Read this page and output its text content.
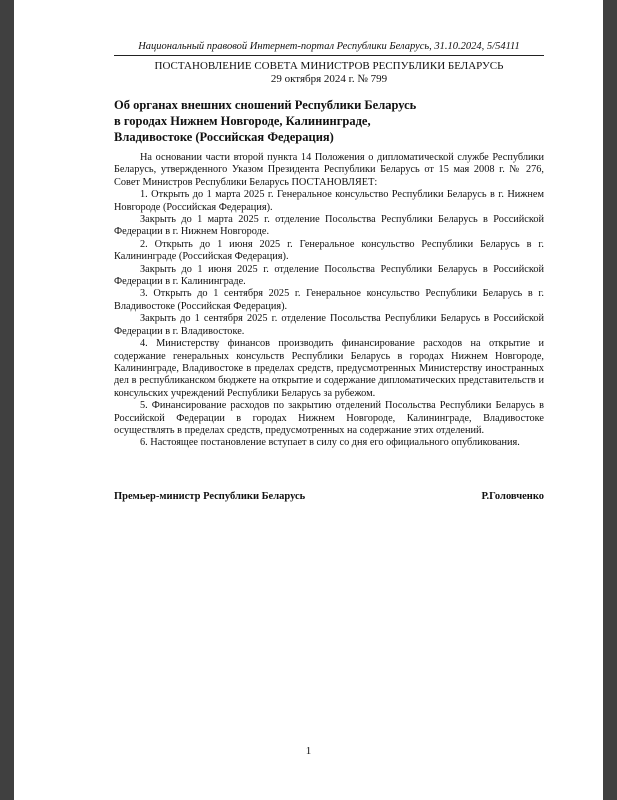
Национальный правовой Интернет-портал Республики Беларусь, 31.10.2024, 5/54111
ПОСТАНОВЛЕНИЕ СОВЕТА МИНИСТРОВ РЕСПУБЛИКИ БЕЛАРУСЬ
29 октября 2024 г. № 799
Об органах внешних сношений Республики Беларусь
в городах Нижнем Новгороде, Калининграде,
Владивостоке (Российская Федерация)

На основании части второй пункта 14 Положения о дипломатической службе Республики Беларусь, утвержденного Указом Президента Республики Беларусь от 15 мая 2008 г. № 276, Совет Министров Республики Беларусь ПОСТАНОВЛЯЕТ:

1. Открыть до 1 марта 2025 г. Генеральное консульство Республики Беларусь в г. Нижнем Новгороде (Российская Федерация).

Закрыть до 1 марта 2025 г. отделение Посольства Республики Беларусь в Российской Федерации в г. Нижнем Новгороде.

2. Открыть до 1 июня 2025 г. Генеральное консульство Республики Беларусь в г. Калининграде (Российская Федерация).

Закрыть до 1 июня 2025 г. отделение Посольства Республики Беларусь в Российской Федерации в г. Калининграде.

3. Открыть до 1 сентября 2025 г. Генеральное консульство Республики Беларусь в г. Владивостоке (Российская Федерация).

Закрыть до 1 сентября 2025 г. отделение Посольства Республики Беларусь в Российской Федерации в г. Владивостоке.

4. Министерству финансов производить финансирование расходов на открытие и содержание генеральных консульств Республики Беларусь в городах Нижнем Новгороде, Калининграде, Владивостоке в пределах средств, предусмотренных Министерству иностранных дел в республиканском бюджете на открытие и содержание дипломатических представительств и консульских учреждений Республики Беларусь за рубежом.

5. Финансирование расходов по закрытию отделений Посольства Республики Беларусь в Российской Федерации в городах Нижнем Новгороде, Калининграде, Владивостоке осуществлять в пределах средств, предусмотренных на содержание этих отделений.

6. Настоящее постановление вступает в силу со дня его официального опубликования.

Премьер-министр Республики Беларусь	Р.Головченко
1
